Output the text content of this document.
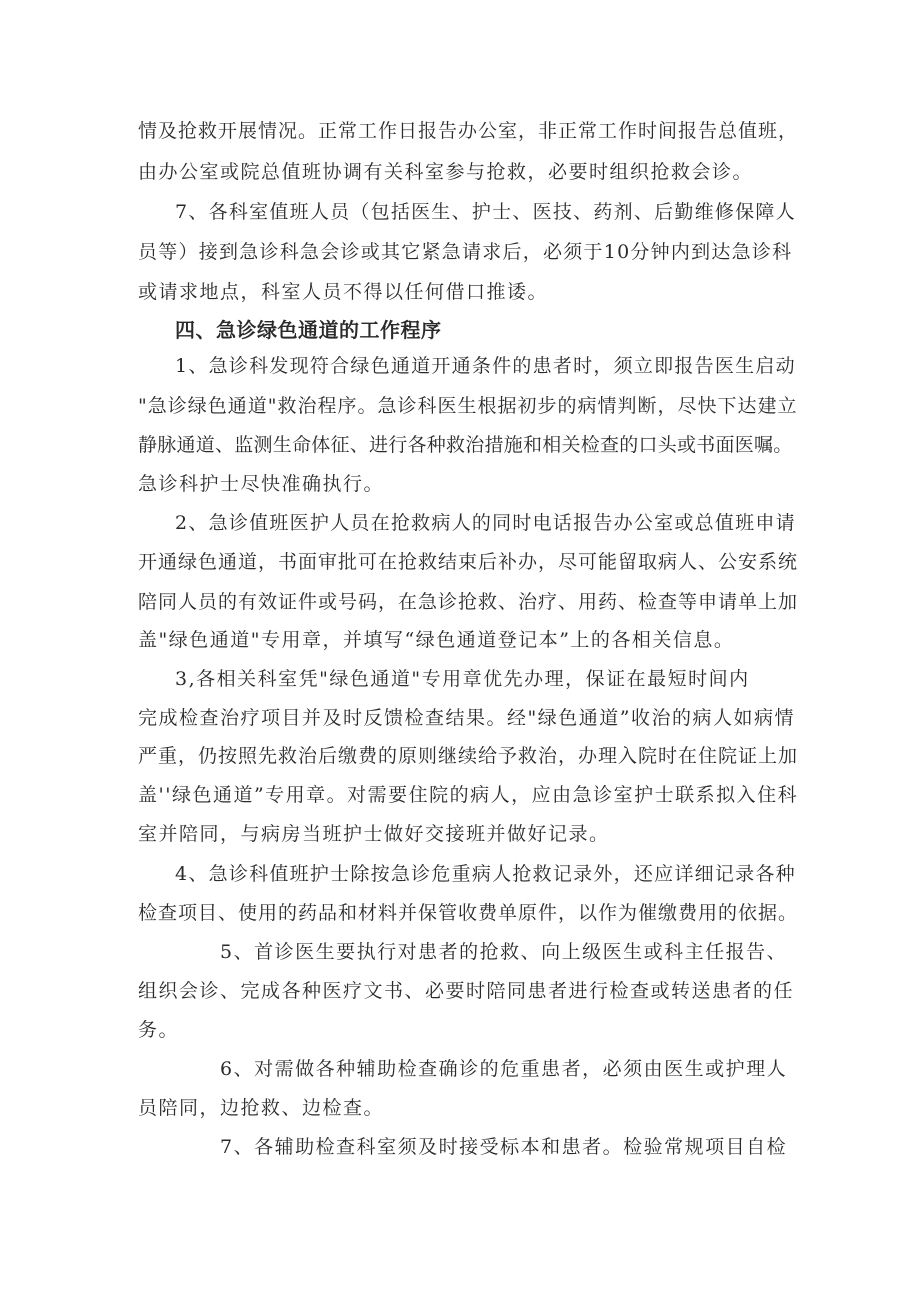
情及抢救开展情况。正常工作日报告办公室，非正常工作时间报告总值班，
由办公室或院总值班协调有关科室参与抢救，必要时组织抢救会诊。
7、各科室值班人员（包括医生、护士、医技、药剂、后勤维修保障人
员等）接到急诊科急会诊或其它紧急请求后，必须于10分钟内到达急诊科
或请求地点，科室人员不得以任何借口推诿。
四、急诊绿色通道的工作程序
1、急诊科发现符合绿色通道开通条件的患者时，须立即报告医生启动
"急诊绿色通道"救治程序。急诊科医生根据初步的病情判断，尽快下达建立
静脉通道、监测生命体征、进行各种救治措施和相关检查的口头或书面医嘱。
急诊科护士尽快准确执行。
2、急诊值班医护人员在抢救病人的同时电话报告办公室或总值班申请
开通绿色通道，书面审批可在抢救结束后补办，尽可能留取病人、公安系统
陪同人员的有效证件或号码，在急诊抢救、治疗、用药、检查等申请单上加
盖"绿色通道"专用章，并填写“绿色通道登记本”上的各相关信息。
3,各相关科室凭"绿色通道"专用章优先办理，保证在最短时间内
完成检查治疗项目并及时反馈检查结果。经"绿色通道”收治的病人如病情
严重，仍按照先救治后缴费的原则继续给予救治，办理入院时在住院证上加
盖''绿色通道”专用章。对需要住院的病人，应由急诊室护士联系拟入住科
室并陪同，与病房当班护士做好交接班并做好记录。
4、急诊科值班护士除按急诊危重病人抢救记录外，还应详细记录各种
检查项目、使用的药品和材料并保管收费单原件，以作为催缴费用的依据。
5、首诊医生要执行对患者的抢救、向上级医生或科主任报告、
组织会诊、完成各种医疗文书、必要时陪同患者进行检查或转送患者的任
务。
6、对需做各种辅助检查确诊的危重患者，必须由医生或护理人
员陪同，边抢救、边检查。
7、各辅助检查科室须及时接受标本和患者。检验常规项目自检
